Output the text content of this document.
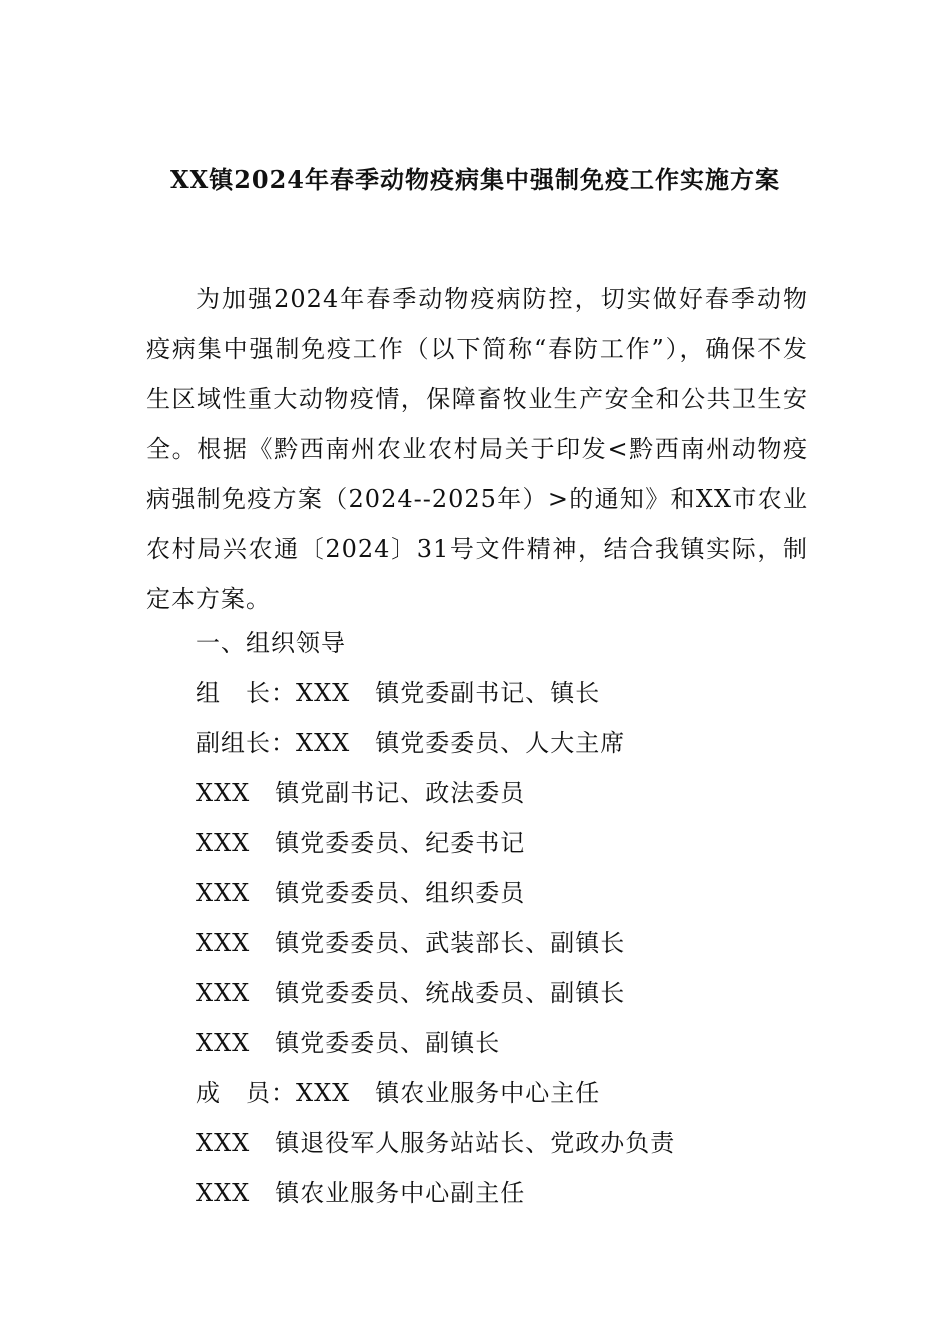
XX镇2024年春季动物疫病集中强制免疫工作实施方案

为加强2024年春季动物疫病防控，切实做好春季动物疫病集中强制免疫工作（以下简称“春防工作”），确保不发生区域性重大动物疫情，保障畜牧业生产安全和公共卫生安全。根据《黔西南州农业农村局关于印发<黔西南州动物疫病强制免疫方案（2024--2025年）>的通知》和XX市农业农村局兴农通〔2024〕31号文件精神，结合我镇实际，制定本方案。

一、组织领导
组　长：XXX　镇党委副书记、镇长
副组长：XXX　镇党委委员、人大主席
XXX　镇党副书记、政法委员
XXX　镇党委委员、纪委书记
XXX　镇党委委员、组织委员
XXX　镇党委委员、武装部长、副镇长
XXX　镇党委委员、统战委员、副镇长
XXX　镇党委委员、副镇长
成　员：XXX　镇农业服务中心主任
XXX　镇退役军人服务站站长、党政办负责
XXX　镇农业服务中心副主任
